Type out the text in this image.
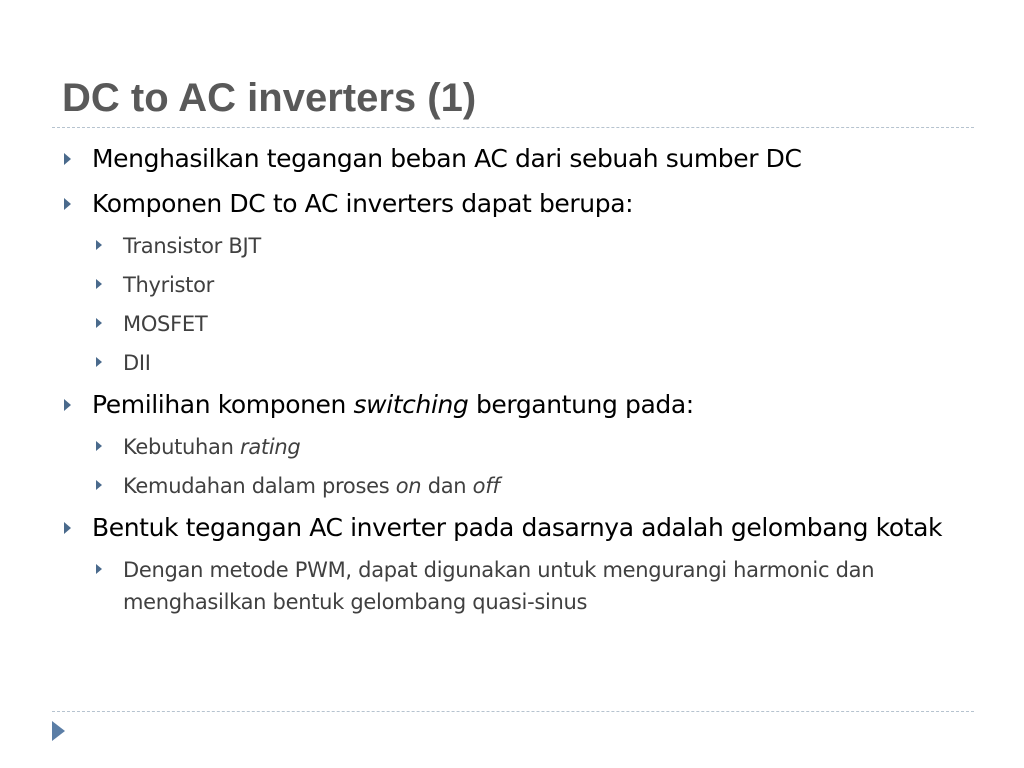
DC to AC inverters (1)
Menghasilkan tegangan beban AC dari sebuah sumber DC
Komponen DC to AC inverters dapat berupa:
Transistor BJT
Thyristor
MOSFET
DII
Pemilihan komponen switching bergantung pada:
Kebutuhan rating
Kemudahan dalam proses on dan off
Bentuk tegangan AC inverter pada dasarnya adalah gelombang kotak
Dengan metode PWM, dapat digunakan untuk mengurangi harmonic dan menghasilkan bentuk gelombang quasi-sinus
